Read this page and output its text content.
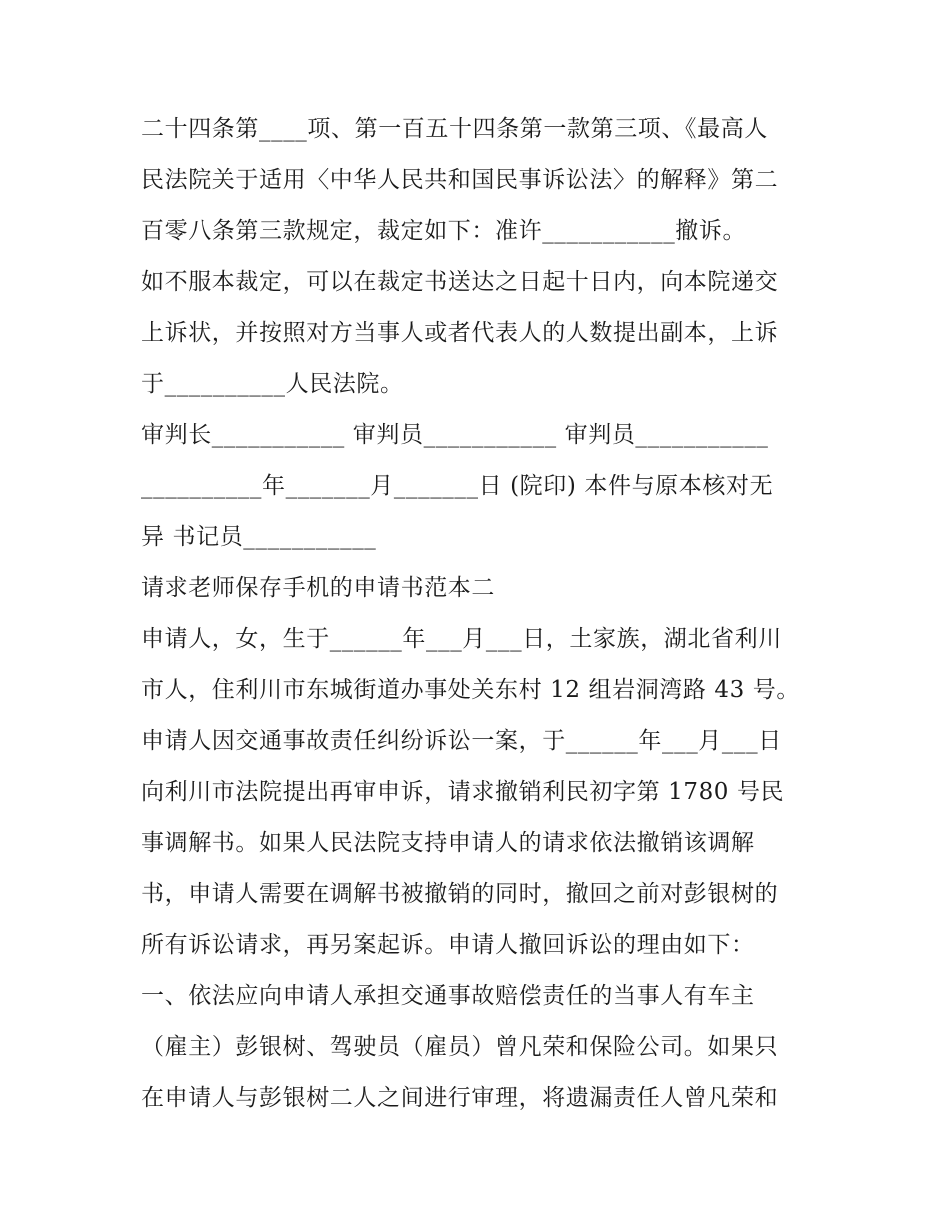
二十四条第____项、第一百五十四条第一款第三项、《最高人
民法院关于适用〈中华人民共和国民事诉讼法〉的解释》第二
百零八条第三款规定，裁定如下：准许___________撤诉。
如不服本裁定，可以在裁定书送达之日起十日内，向本院递交
上诉状，并按照对方当事人或者代表人的人数提出副本，上诉
于__________人民法院。
审判长___________ 审判员___________ 审判员___________
__________年_______月_______日 (院印) 本件与原本核对无
异 书记员___________
请求老师保存手机的申请书范本二
申请人，女，生于______年___月___日，土家族，湖北省利川
市人，住利川市东城街道办事处关东村 12 组岩洞湾路 43 号。
申请人因交通事故责任纠纷诉讼一案，于______年___月___日
向利川市法院提出再审申诉，请求撤销利民初字第 1780 号民
事调解书。如果人民法院支持申请人的请求依法撤销该调解
书，申请人需要在调解书被撤销的同时，撤回之前对彭银树的
所有诉讼请求，再另案起诉。申请人撤回诉讼的理由如下：
一、依法应向申请人承担交通事故赔偿责任的当事人有车主
（雇主）彭银树、驾驶员（雇员）曾凡荣和保险公司。如果只
在申请人与彭银树二人之间进行审理，将遗漏责任人曾凡荣和
